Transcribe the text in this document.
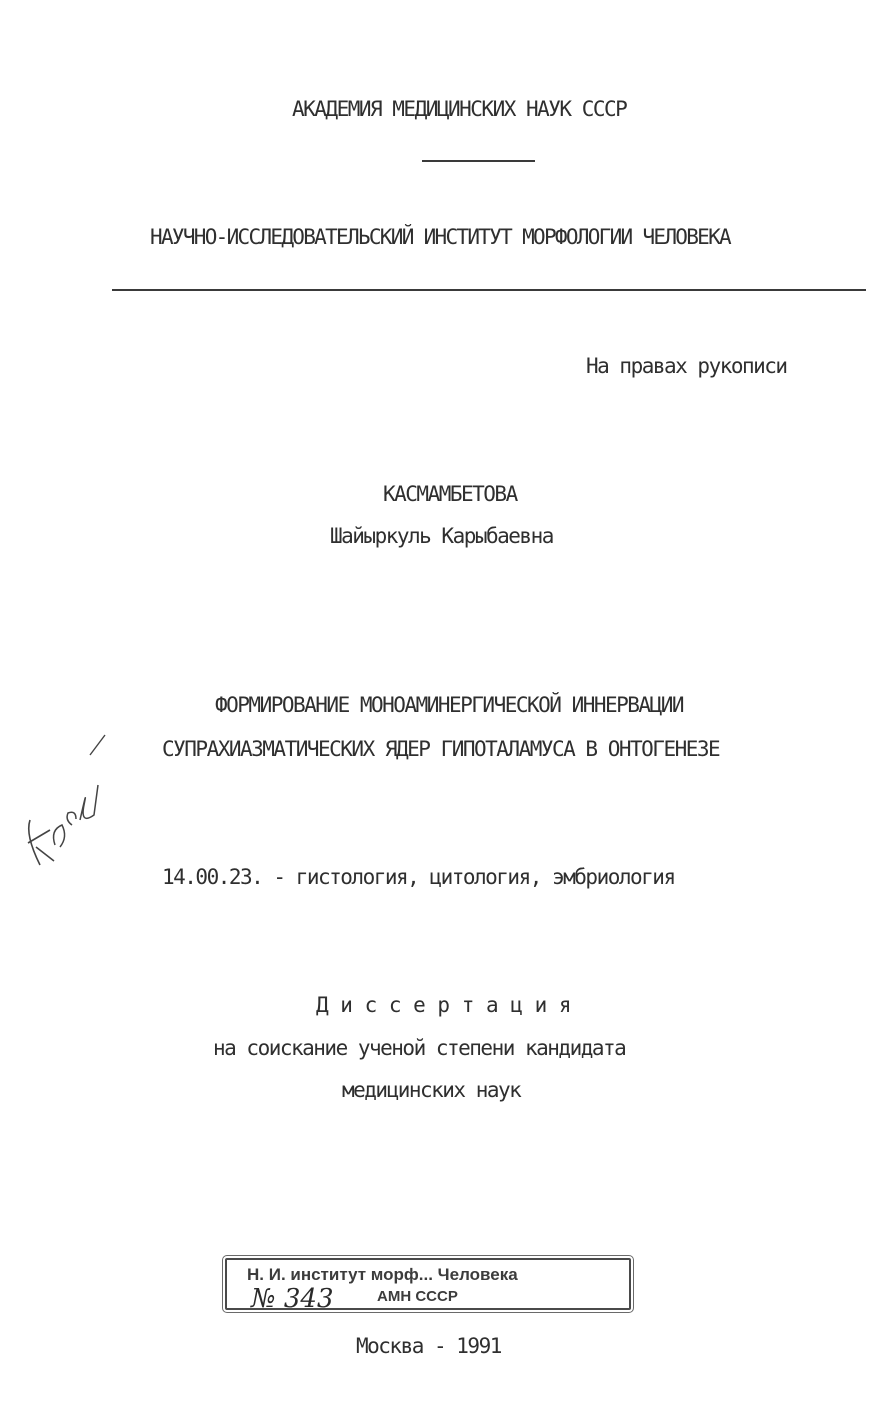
АКАДЕМИЯ МЕДИЦИНСКИХ НАУК СССР
НАУЧНО-ИССЛЕДОВАТЕЛЬСКИЙ ИНСТИТУТ МОРФОЛОГИИ ЧЕЛОВЕКА
На правах рукописи
КАСМАМБЕТОВА
Шайыркуль Карыбаевна
ФОРМИРОВАНИЕ МОНОАМИНЕРГИЧЕСКОЙ ИННЕРВАЦИИ
СУПРАХИАЗМАТИЧЕСКИХ ЯДЕР ГИПОТАЛАМУСА В ОНТОГЕНЕЗЕ
14.00.23. - гистология, цитология, эмбриология
Д и с с е р т а ц и я
на соискание ученой степени кандидата
медицинских наук
Н. И. институт морф... Человека
№ 343	АМН СССР
Москва - 1991
